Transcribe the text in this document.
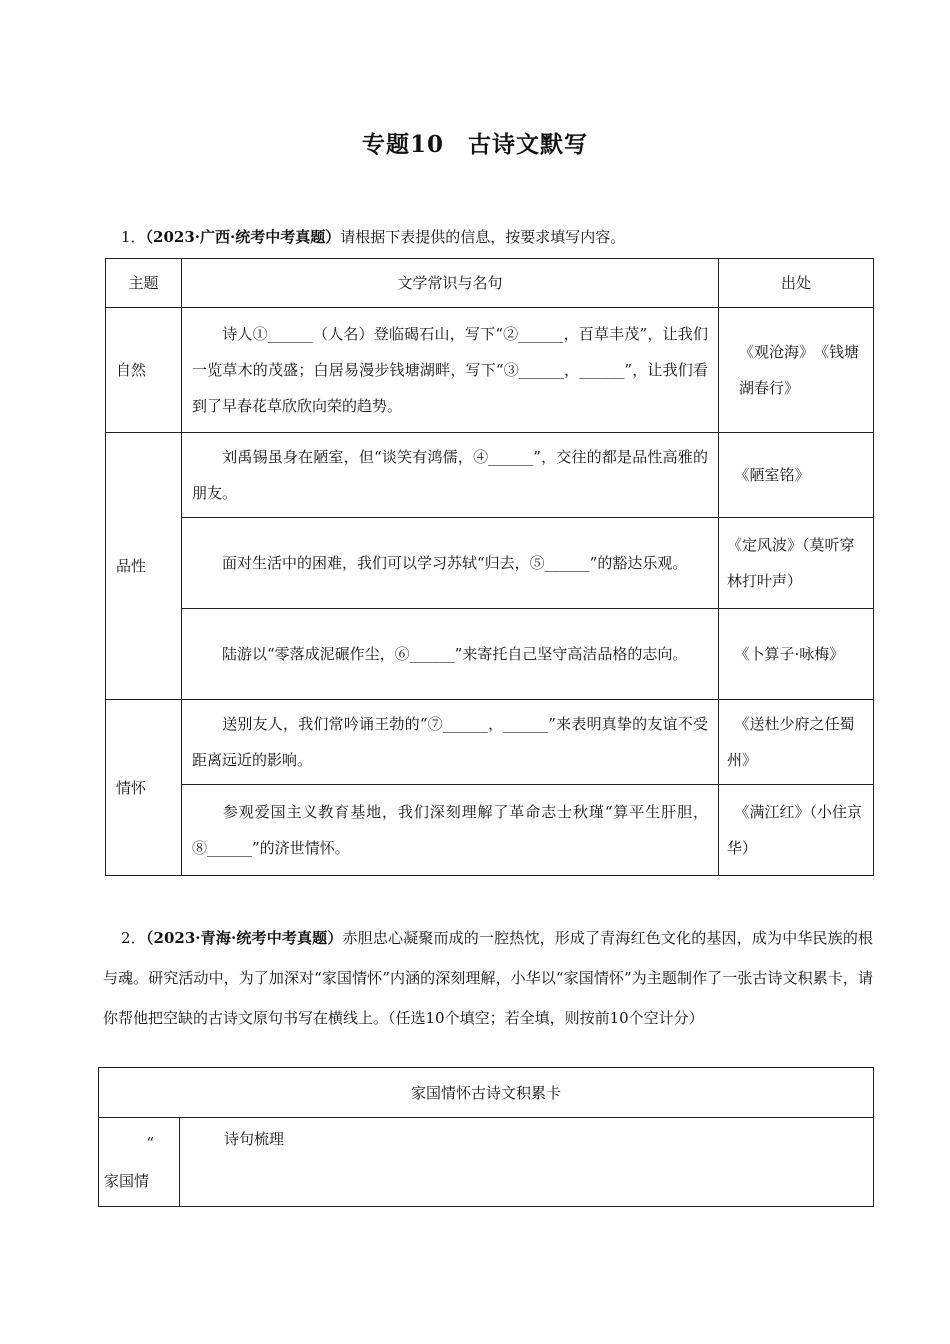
专题10　古诗文默写
1．（2023·广西·统考中考真题）请根据下表提供的信息，按要求填写内容。
主题	文学常识与名句	出处
自然	诗人①______（人名）登临碣石山，写下“②______，百草丰茂”，让我们一览草木的茂盛；白居易漫步钱塘湖畔，写下“③______，______”，让我们看到了早春花草欣欣向荣的趋势。	《观沧海》　《钱塘湖春行》
品性	刘禹锡虽身在陋室，但“谈笑有鸿儒，④______”，交往的都是品性高雅的朋友。	　《陋室铭》
	面对生活中的困难，我们可以学习苏轼“归去，⑤______”的豁达乐观。	《定风波》（莫听穿林打叶声）
	陆游以“零落成泥碾作尘，⑥______”来寄托自己坚守高洁品格的志向。	　《卜算子·咏梅》
情怀	送别友人，我们常吟诵王勃的“⑦______，______”来表明真挚的友谊不受距离远近的影响。	　《送杜少府之任蜀州》
	参观爱国主义教育基地，我们深刻理解了革命志士秋瑾“算平生肝胆，⑧______”的济世情怀。	　《满江红》（小住京华）
2．（2023·青海·统考中考真题）赤胆忠心凝聚而成的一腔热忱，形成了青海红色文化的基因，成为中华民族的根与魂。研究活动中，为了加深对“家国情怀”内涵的深刻理解，小华以“家国情怀”为主题制作了一张古诗文积累卡，请你帮他把空缺的古诗文原句书写在横线上。（任选10个填空；若全填，则按前10个空计分）
家国情怀古诗文积累卡

“
家国情	诗句梳理
